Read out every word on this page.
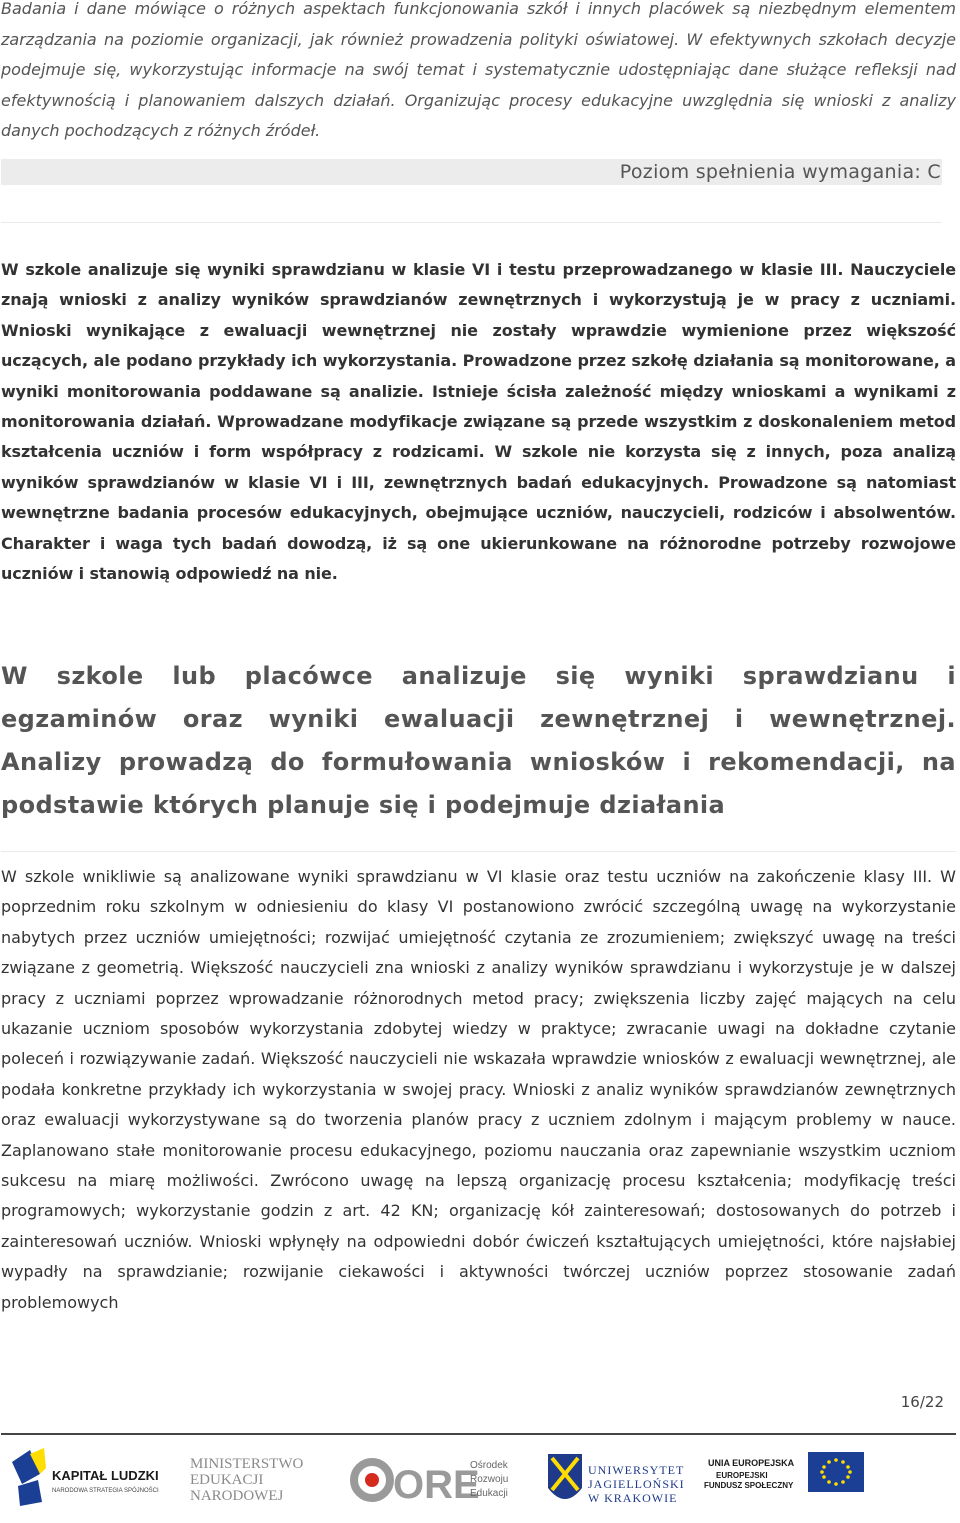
Badania i dane mówiące o różnych aspektach funkcjonowania szkół i innych placówek są niezbędnym elementem zarządzania na poziomie organizacji, jak również prowadzenia polityki oświatowej. W efektywnych szkołach decyzje podejmuje się, wykorzystując informacje na swój temat i systematycznie udostępniając dane służące refleksji nad efektywnością i planowaniem dalszych działań. Organizując procesy edukacyjne uwzględnia się wnioski z analizy danych pochodzących z różnych źródeł.

Poziom spełnienia wymagania: C

W szkole analizuje się wyniki sprawdzianu w klasie VI i testu przeprowadzanego w klasie III. Nauczyciele znają wnioski z analizy wyników sprawdzianów zewnętrznych i wykorzystują je w pracy z uczniami. Wnioski wynikające z ewaluacji wewnętrznej nie zostały wprawdzie wymienione przez większość uczących, ale podano przykłady ich wykorzystania. Prowadzone przez szkołę działania są monitorowane, a wyniki monitorowania poddawane są analizie. Istnieje ścisła zależność między wnioskami a wynikami z monitorowania działań. Wprowadzane modyfikacje związane są przede wszystkim z doskonaleniem metod kształcenia uczniów i form współpracy z rodzicami. W szkole nie korzysta się z innych, poza analizą wyników sprawdzianów w klasie VI i III, zewnętrznych badań edukacyjnych. Prowadzone są natomiast wewnętrzne badania procesów edukacyjnych, obejmujące uczniów, nauczycieli, rodziców i absolwentów. Charakter i waga tych badań dowodzą, iż są one ukierunkowane na różnorodne potrzeby rozwojowe uczniów i stanowią odpowiedź na nie.

W szkole lub placówce analizuje się wyniki sprawdzianu i egzaminów oraz wyniki ewaluacji zewnętrznej i wewnętrznej. Analizy prowadzą do formułowania wniosków i rekomendacji, na podstawie których planuje się i podejmuje działania

W szkole wnikliwie są analizowane wyniki sprawdzianu w VI klasie oraz testu uczniów na zakończenie klasy III. W poprzednim roku szkolnym w odniesieniu do klasy VI postanowiono zwrócić szczególną uwagę na wykorzystanie nabytych przez uczniów umiejętności; rozwijać umiejętność czytania ze zrozumieniem; zwiększyć uwagę na treści związane z geometrią. Większość nauczycieli zna wnioski z analizy wyników sprawdzianu i wykorzystuje je w dalszej pracy z uczniami poprzez wprowadzanie różnorodnych metod pracy; zwiększenia liczby zajęć mających na celu ukazanie uczniom sposobów wykorzystania zdobytej wiedzy w praktyce; zwracanie uwagi na dokładne czytanie poleceń i rozwiązywanie zadań. Większość nauczycieli nie wskazała wprawdzie wniosków z ewaluacji wewnętrznej, ale podała konkretne przykłady ich wykorzystania w swojej pracy. Wnioski z analiz wyników sprawdzianów zewnętrznych oraz ewaluacji wykorzystywane są do tworzenia planów pracy z uczniem zdolnym i mającym problemy w nauce. Zaplanowano stałe monitorowanie procesu edukacyjnego, poziomu nauczania oraz zapewnianie wszystkim uczniom sukcesu na miarę możliwości. Zwrócono uwagę na lepszą organizację procesu kształcenia; modyfikację treści programowych; wykorzystanie godzin z art. 42 KN; organizację kół zainteresowań; dostosowanych do potrzeb i zainteresowań uczniów. Wnioski wpłynęły na odpowiedni dobór ćwiczeń kształtujących umiejętności, które najsłabiej wypadły na sprawdzianie; rozwijanie ciekawości i aktywności twórczej uczniów poprzez stosowanie zadań problemowych

16/22
KAPITAŁ LUDZKI
NARODOWA STRATEGIA SPÓJNOŚCI
MINISTERSTWO
EDUKACJI
NARODOWEJ	ORE
Ośrodek
Rozwoju
Edukacji
UNIWERSYTET
JAGIELLOŃSKI
W KRAKOWIE
UNIA EUROPEJSKA
EUROPEJSKI
FUNDUSZ SPOŁECZNY
